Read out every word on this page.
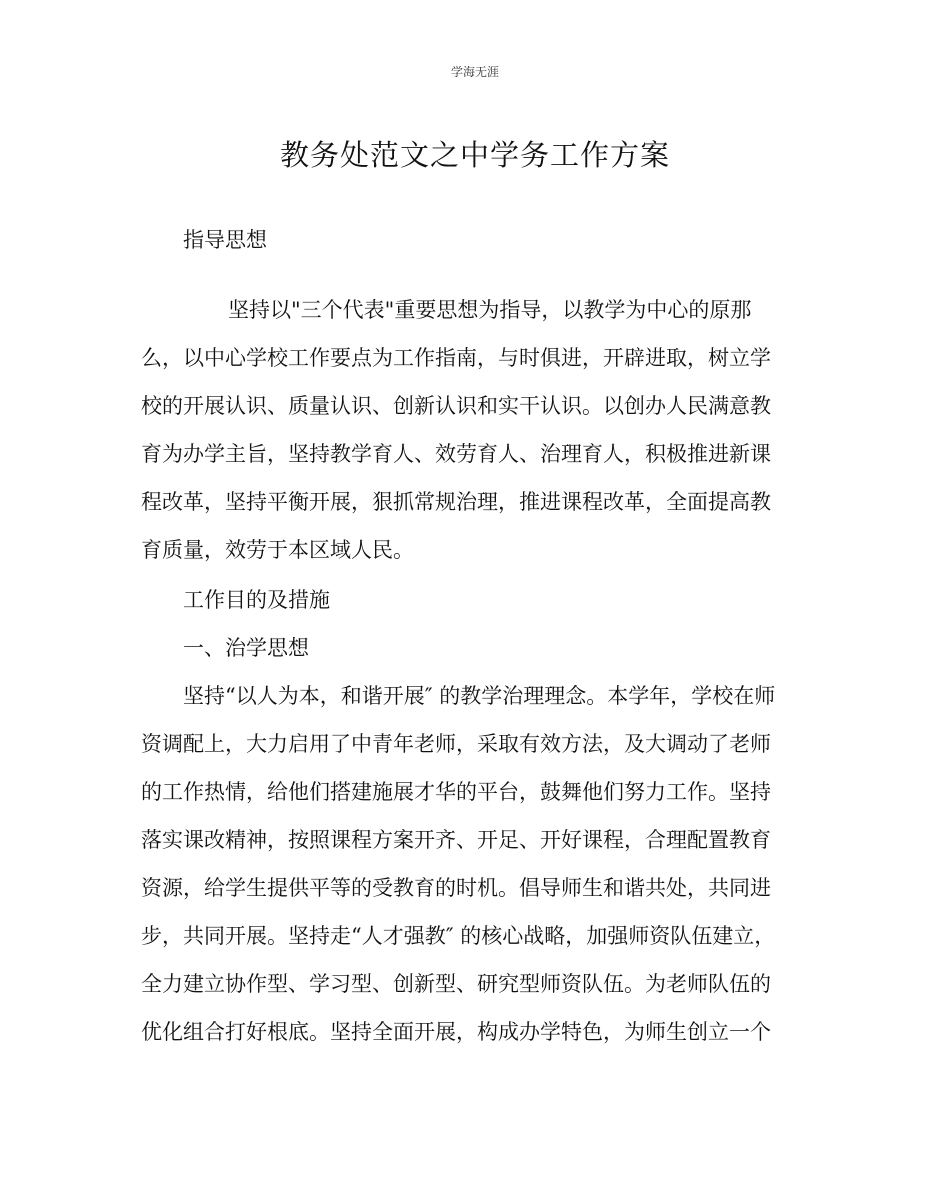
学海无涯
教务处范文之中学务工作方案
指导思想
坚持以"三个代表"重要思想为指导，以教学为中心的原那
么，以中心学校工作要点为工作指南，与时俱进，开辟进取，树立学
校的开展认识、质量认识、创新认识和实干认识。以创办人民满意教
育为办学主旨，坚持教学育人、效劳育人、治理育人，积极推进新课
程改革，坚持平衡开展，狠抓常规治理，推进课程改革，全面提高教
育质量，效劳于本区域人民。
工作目的及措施
一、治学思想
坚持“以人为本，和谐开展″ 的教学治理理念。本学年，学校在师
资调配上，大力启用了中青年老师，采取有效方法，及大调动了老师
的工作热情，给他们搭建施展才华的平台，鼓舞他们努力工作。坚持
落实课改精神，按照课程方案开齐、开足、开好课程，合理配置教育
资源，给学生提供平等的受教育的时机。倡导师生和谐共处，共同进
步，共同开展。坚持走“人才强教″ 的核心战略，加强师资队伍建立，
全力建立协作型、学习型、创新型、研究型师资队伍。为老师队伍的
优化组合打好根底。坚持全面开展，构成办学特色，为师生创立一个
